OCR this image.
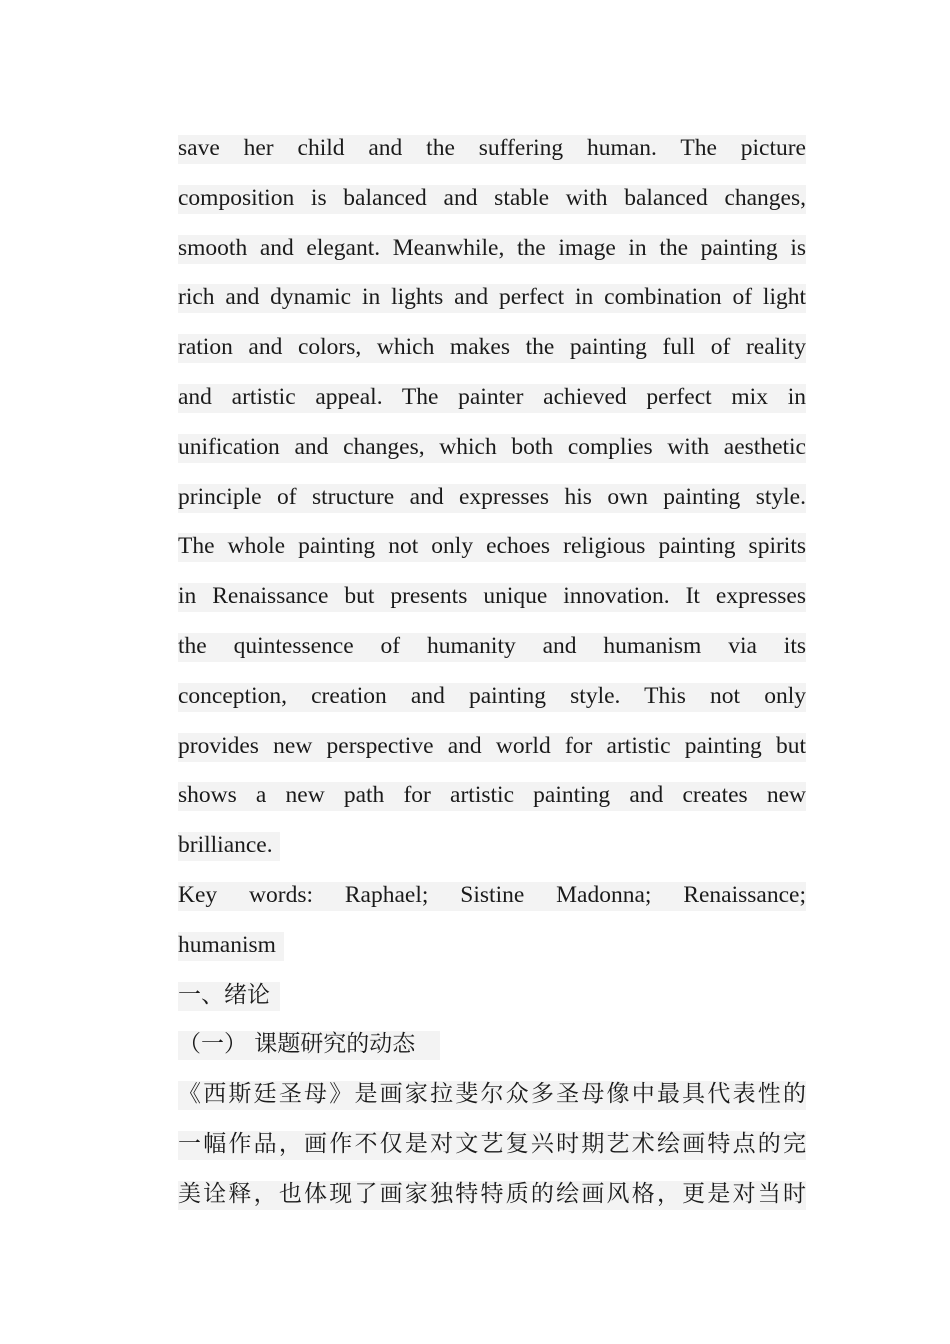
save her child and the suffering human. The picture
composition is balanced and stable with balanced changes,
smooth and elegant. Meanwhile, the image in the painting is
rich and dynamic in lights and perfect in combination of light
ration and colors, which makes the painting full of reality
and artistic appeal. The painter achieved perfect mix in
unification and changes, which both complies with aesthetic
principle of structure and expresses his own painting style.
The whole painting not only echoes religious painting spirits
in Renaissance but presents unique innovation. It expresses
the quintessence of humanity and humanism via its
conception, creation and painting style. This not only
provides new perspective and world for artistic painting but
shows a new path for artistic painting and creates new
brilliance.
Key words: Raphael; Sistine Madonna; Renaissance;
humanism
一、绪论
（一） 课题研究的动态
《西斯廷圣母》是画家拉斐尔众多圣母像中最具代表性的
一幅作品，画作不仅是对文艺复兴时期艺术绘画特点的完
美诠释，也体现了画家独特特质的绘画风格，更是对当时
